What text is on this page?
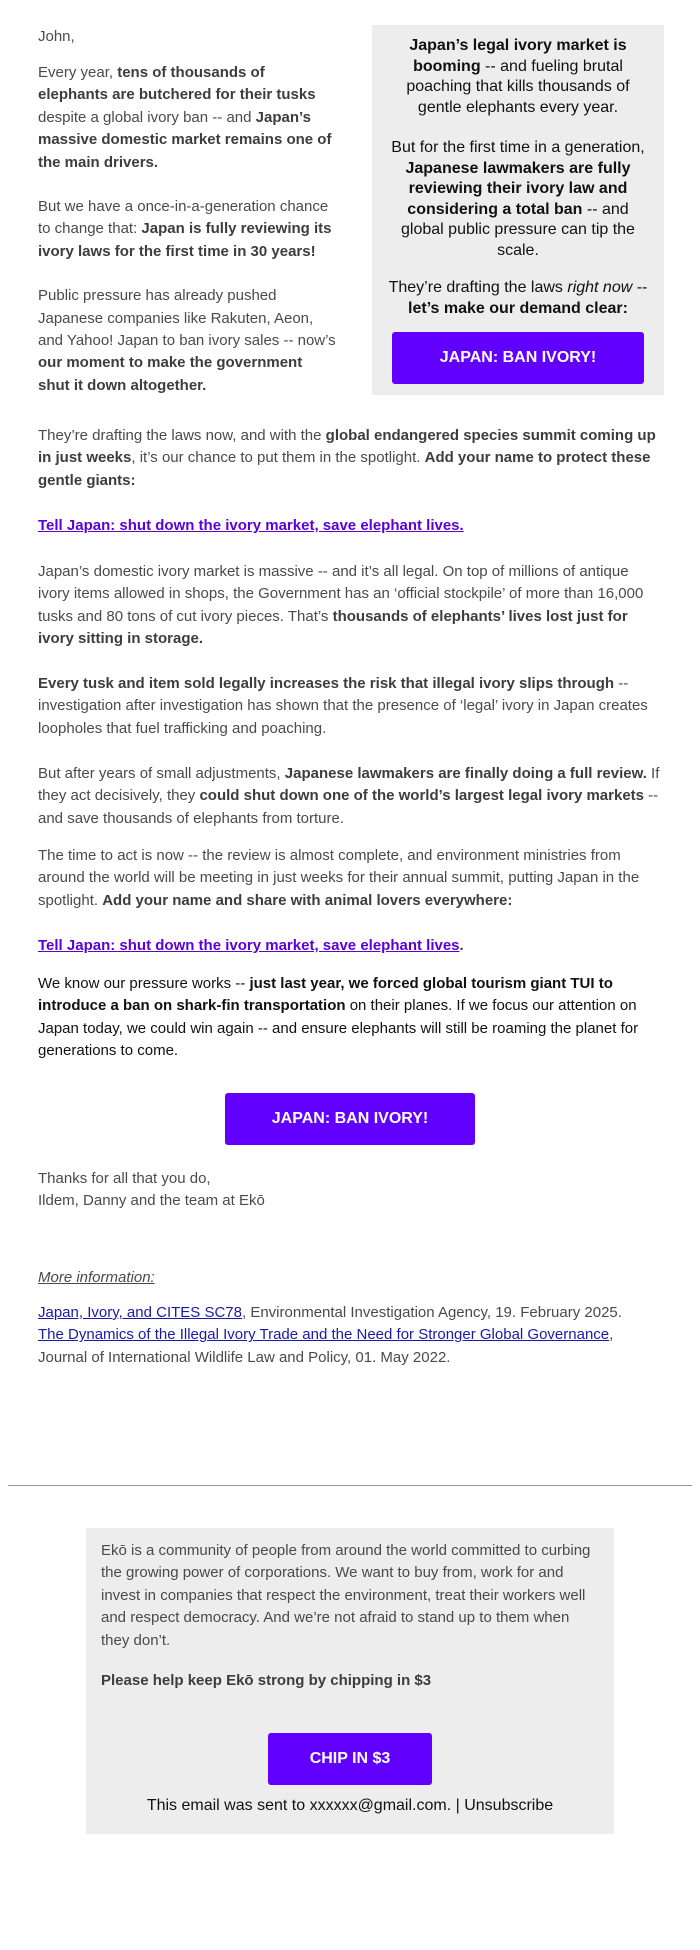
John,

Every year, tens of thousands of elephants are butchered for their tusks despite a global ivory ban -- and Japan’s massive domestic market remains one of the main drivers.

But we have a once-in-a-generation chance to change that: Japan is fully reviewing its ivory laws for the first time in 30 years!

Public pressure has already pushed Japanese companies like Rakuten, Aeon, and Yahoo! Japan to ban ivory sales -- now’s our moment to make the government shut it down altogether.

Japan’s legal ivory market is booming -- and fueling brutal poaching that kills thousands of gentle elephants every year.

But for the first time in a generation, Japanese lawmakers are fully reviewing their ivory law and considering a total ban -- and global public pressure can tip the scale.

They’re drafting the laws right now -- let’s make our demand clear:

JAPAN: BAN IVORY!

They’re drafting the laws now, and with the global endangered species summit coming up in just weeks, it’s our chance to put them in the spotlight. Add your name to protect these gentle giants:

Tell Japan: shut down the ivory market, save elephant lives.

Japan’s domestic ivory market is massive -- and it’s all legal. On top of millions of antique ivory items allowed in shops, the Government has an ‘official stockpile’ of more than 16,000 tusks and 80 tons of cut ivory pieces. That’s thousands of elephants’ lives lost just for ivory sitting in storage.

Every tusk and item sold legally increases the risk that illegal ivory slips through -- investigation after investigation has shown that the presence of ‘legal’ ivory in Japan creates loopholes that fuel trafficking and poaching.

But after years of small adjustments, Japanese lawmakers are finally doing a full review. If they act decisively, they could shut down one of the world’s largest legal ivory markets -- and save thousands of elephants from torture.

The time to act is now -- the review is almost complete, and environment ministries from around the world will be meeting in just weeks for their annual summit, putting Japan in the spotlight. Add your name and share with animal lovers everywhere:

Tell Japan: shut down the ivory market, save elephant lives.

We know our pressure works -- just last year, we forced global tourism giant TUI to introduce a ban on shark-fin transportation on their planes. If we focus our attention on Japan today, we could win again -- and ensure elephants will still be roaming the planet for generations to come.

JAPAN: BAN IVORY!

Thanks for all that you do,

Ildem, Danny and the team at Ekō

More information:

Japan, Ivory, and CITES SC78, Environmental Investigation Agency, 19. February 2025.

The Dynamics of the Illegal Ivory Trade and the Need for Stronger Global Governance, Journal of International Wildlife Law and Policy, 01. May 2022.

Ekō is a community of people from around the world committed to curbing the growing power of corporations. We want to buy from, work for and invest in companies that respect the environment, treat their workers well and respect democracy. And we’re not afraid to stand up to them when they don’t.

Please help keep Ekō strong by chipping in $3

CHIP IN $3
This email was sent to xxxxxx@gmail.com. | Unsubscribe
